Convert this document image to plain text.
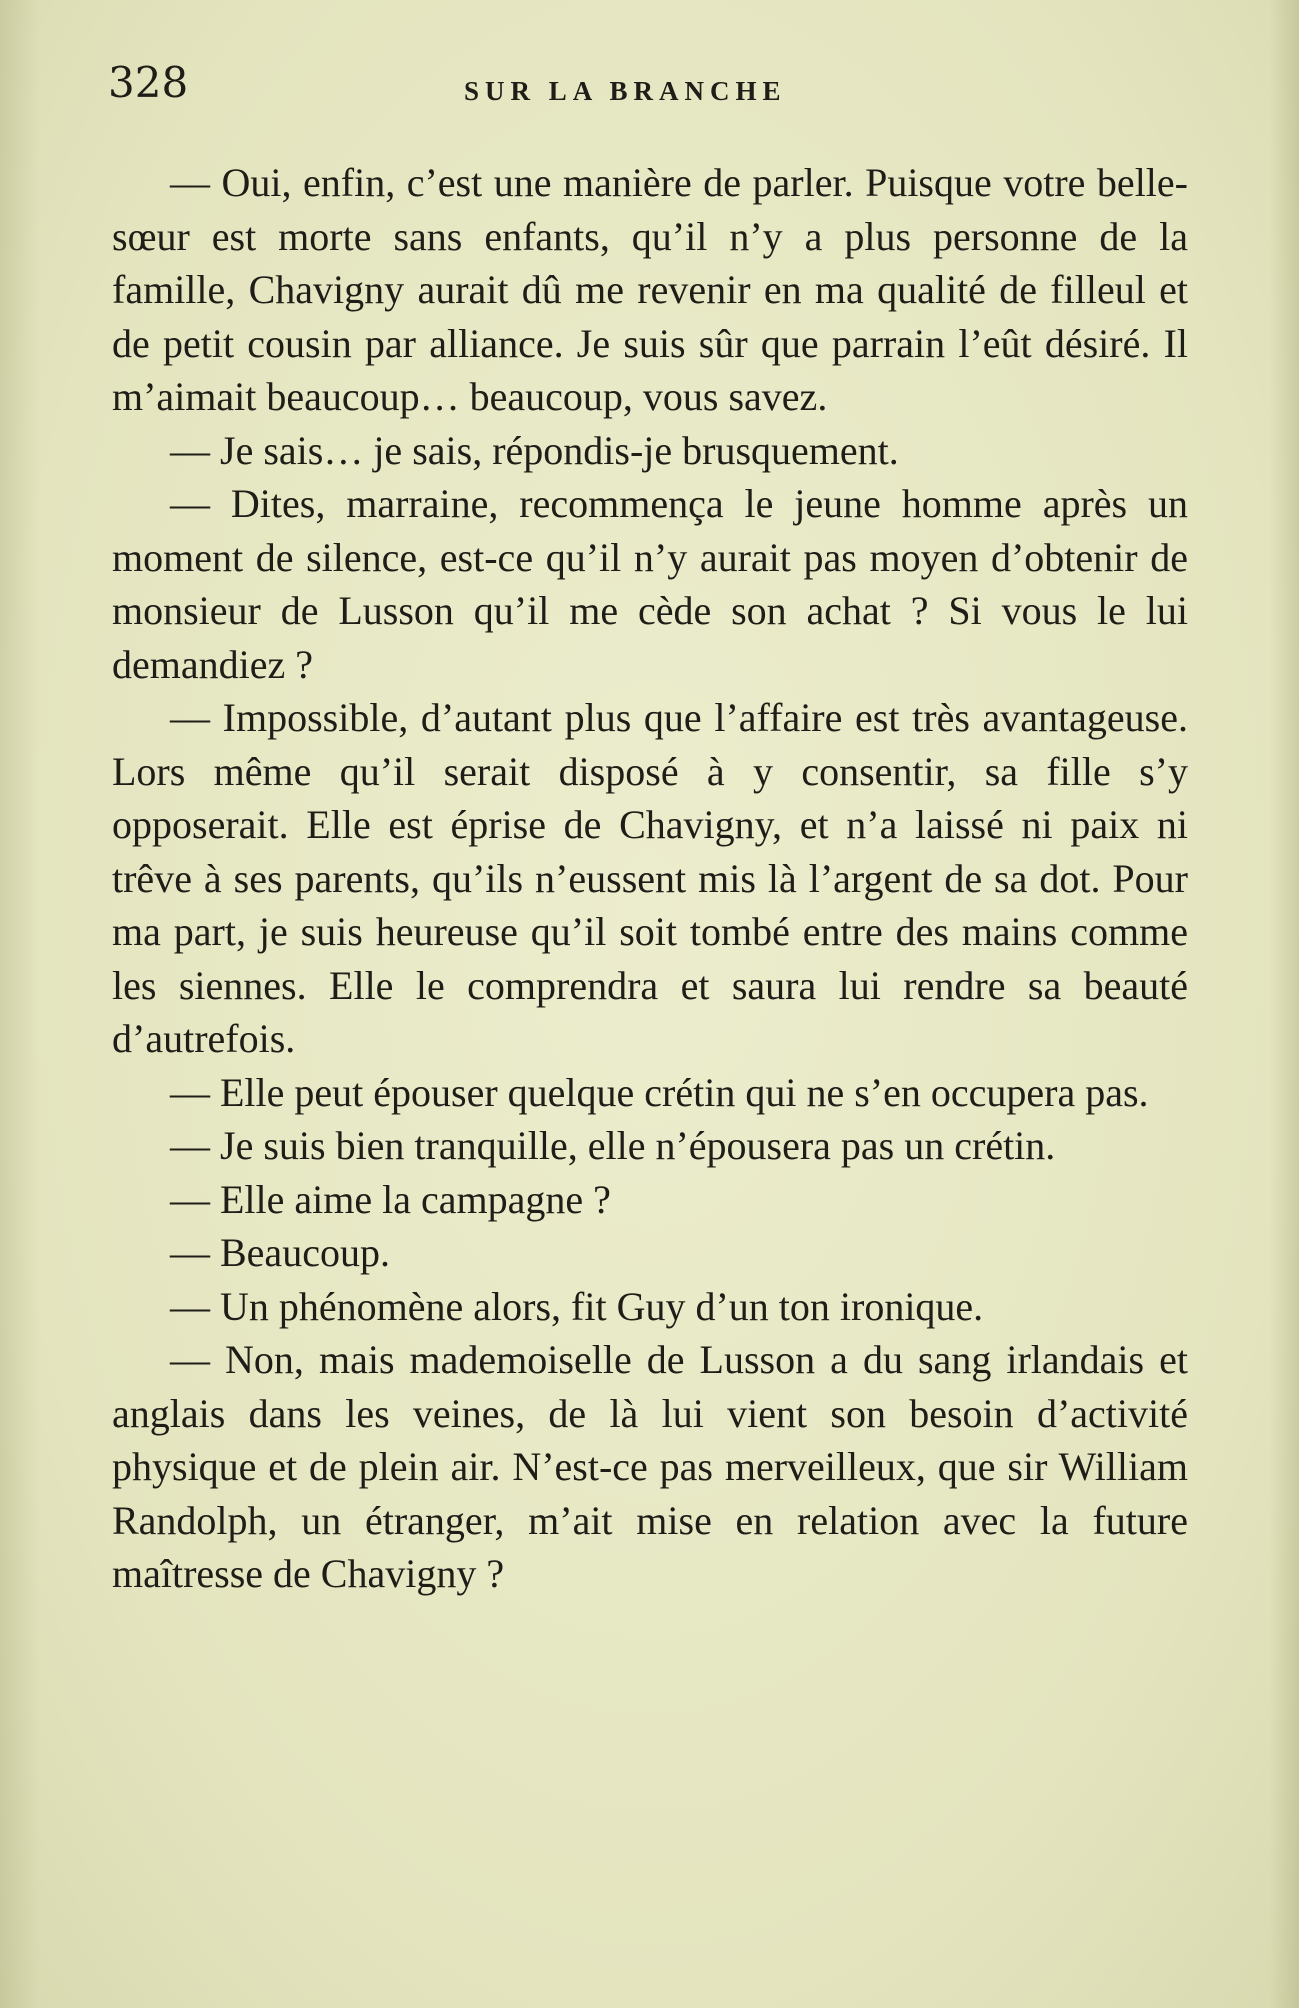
328	SUR LA BRANCHE

— Oui, enfin, c’est une manière de parler. Puisque votre belle-sœur est morte sans enfants, qu’il n’y a plus personne de la famille, Chavigny aurait dû me revenir en ma qualité de filleul et de petit cousin par alliance. Je suis sûr que parrain l’eût désiré. Il m’aimait beaucoup… beaucoup, vous savez.

— Je sais… je sais, répondis-je brusquement.

— Dites, marraine, recommença le jeune homme après un moment de silence, est-ce qu’il n’y aurait pas moyen d’obtenir de monsieur de Lusson qu’il me cède son achat ? Si vous le lui demandiez ?

— Impossible, d’autant plus que l’affaire est très avantageuse. Lors même qu’il serait disposé à y consentir, sa fille s’y opposerait. Elle est éprise de Chavigny, et n’a laissé ni paix ni trêve à ses parents, qu’ils n’eussent mis là l’argent de sa dot. Pour ma part, je suis heureuse qu’il soit tombé entre des mains comme les siennes. Elle le comprendra et saura lui rendre sa beauté d’autrefois.

— Elle peut épouser quelque crétin qui ne s’en occupera pas.

— Je suis bien tranquille, elle n’épousera pas un crétin.

— Elle aime la campagne ?

— Beaucoup.

— Un phénomène alors, fit Guy d’un ton ironique.

— Non, mais mademoiselle de Lusson a du sang irlandais et anglais dans les veines, de là lui vient son besoin d’activité physique et de plein air. N’est-ce pas merveilleux, que sir William Randolph, un étranger, m’ait mise en relation avec la future maîtresse de Chavigny ?
